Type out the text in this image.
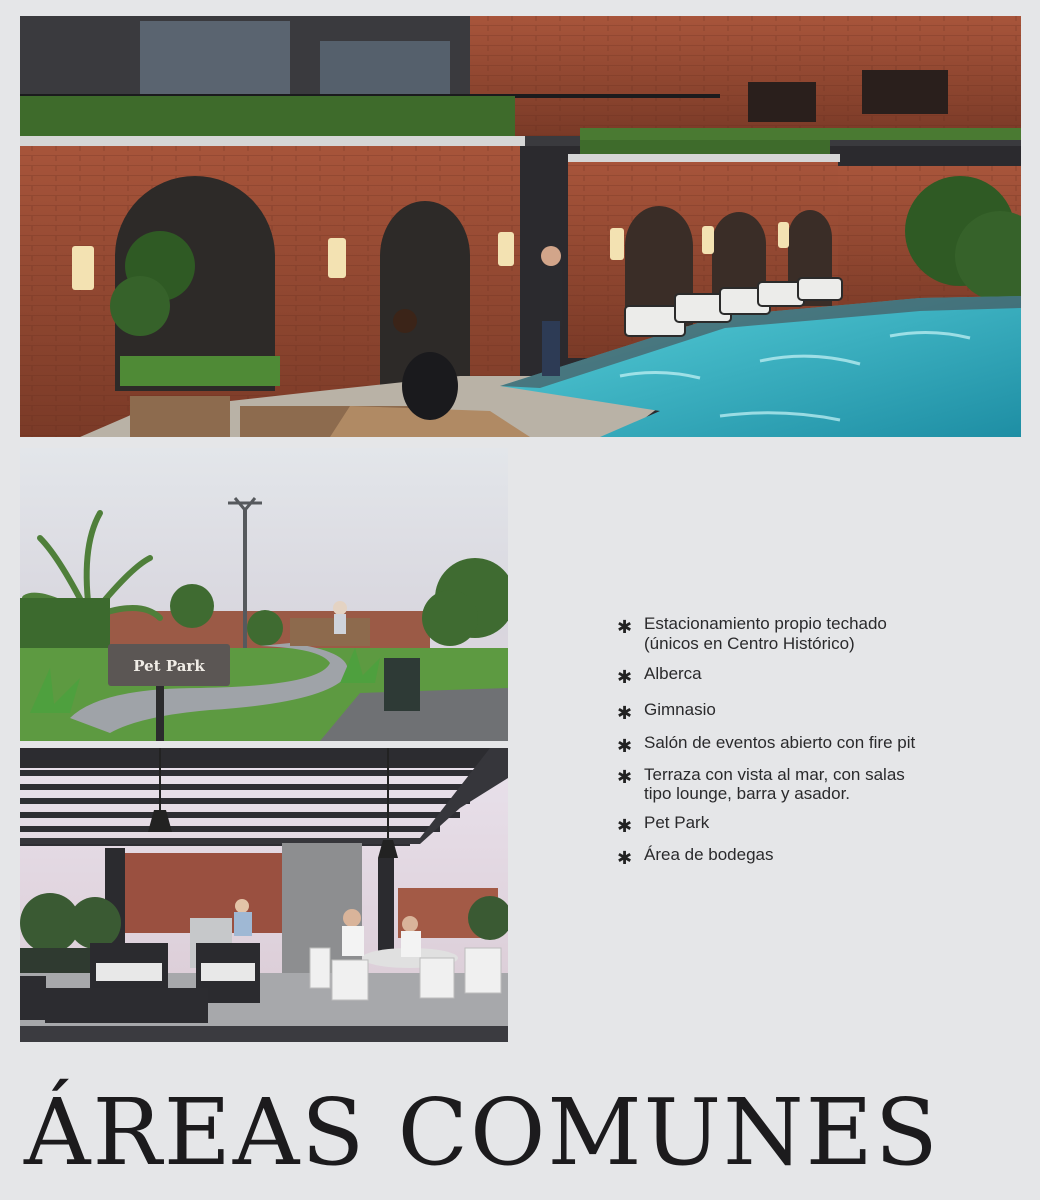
Pet Park
✱ Estacionamiento propio techado
(únicos en Centro Histórico)
✱ Alberca
✱ Gimnasio
✱ Salón de eventos abierto con fire pit
✱ Terraza con vista al mar, con salas
tipo lounge, barra y asador.
✱ Pet Park
✱ Área de bodegas
ÁREAS COMUNES
